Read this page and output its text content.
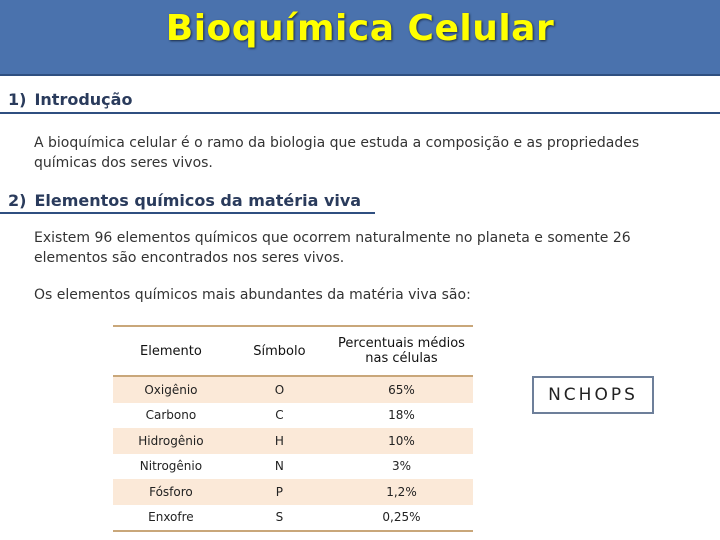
Bioquímica Celular
1) Introdução
A bioquímica celular é o ramo da biologia que estuda a composição e as propriedades químicas dos seres vivos.
2) Elementos químicos da matéria viva
Existem 96 elementos químicos que ocorrem naturalmente no planeta e somente 26 elementos são encontrados nos seres vivos.
Os elementos químicos mais abundantes da matéria viva são:
Elemento	Símbolo	Percentuais médios nas células
Oxigênio	O	65%
Carbono	C	18%
Hidrogênio	H	10%
Nitrogênio	N	3%
Fósforo	P	1,2%
Enxofre	S	0,25%
NCHOPS
